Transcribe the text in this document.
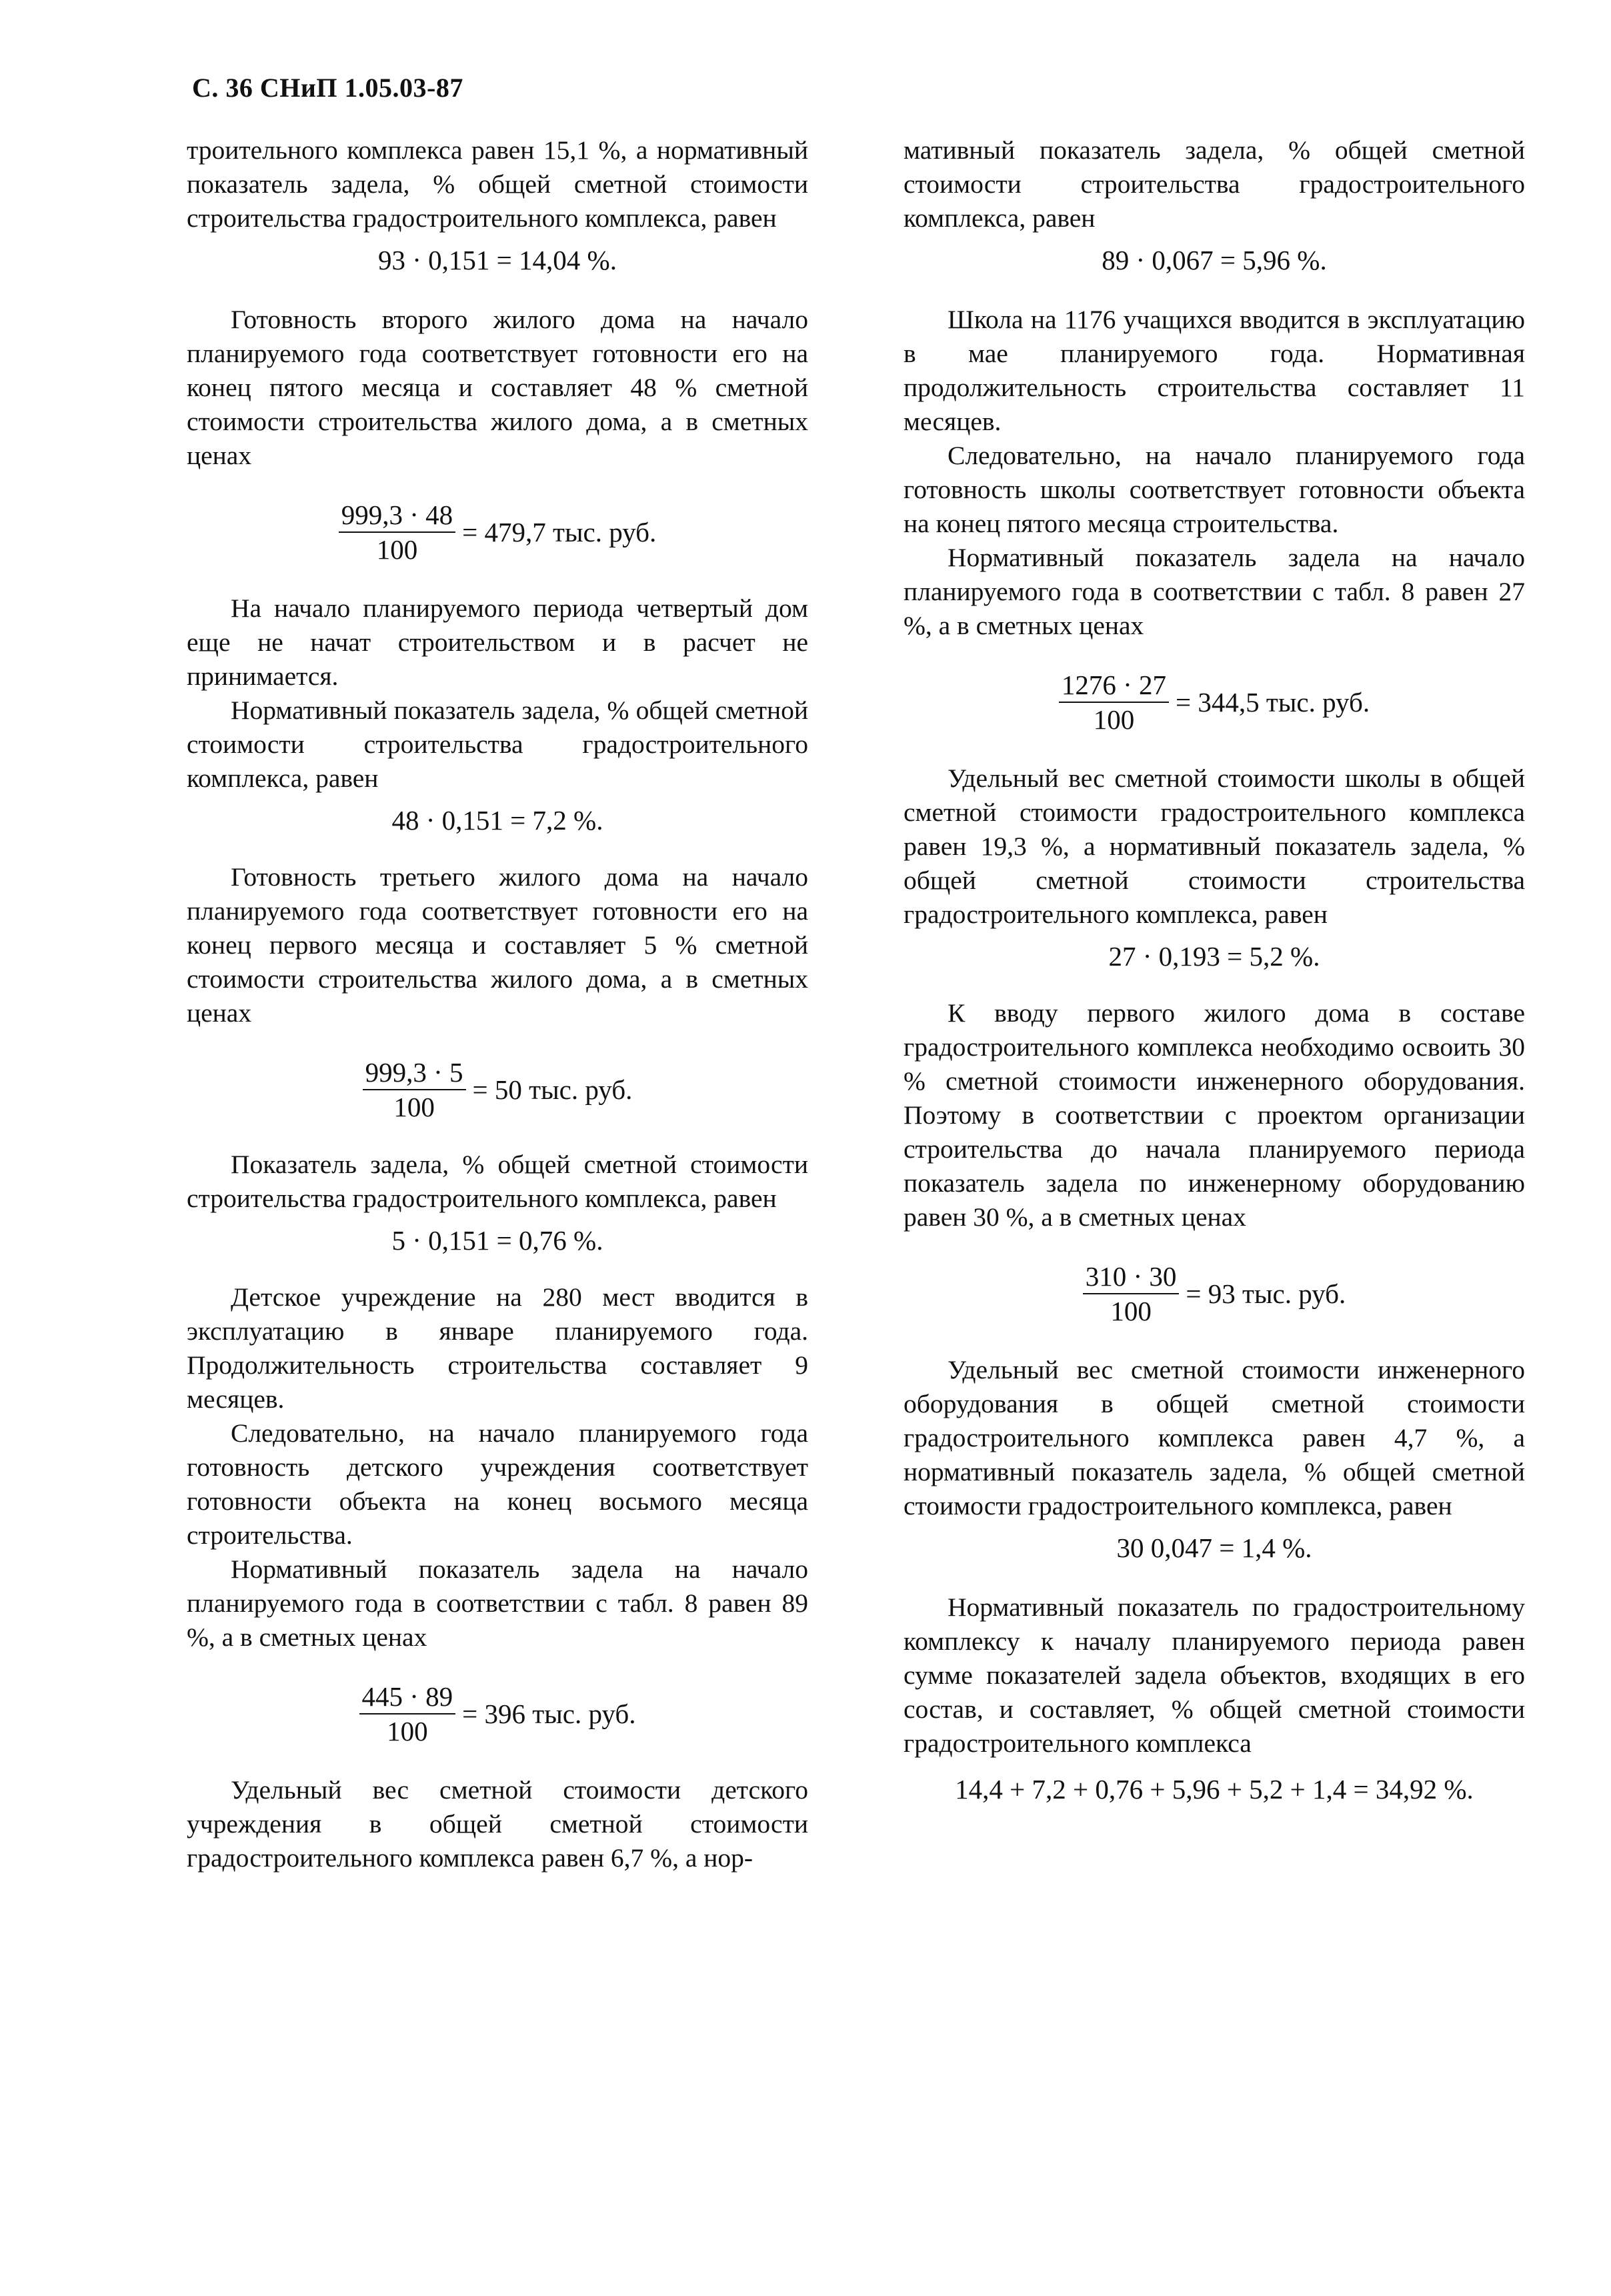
С. 36 СНиП 1.05.03-87

троительного комплекса равен 15,1 %, а нормативный показатель задела, % общей сметной стоимости строительства градостроительного комплекса, равен

93 · 0,151 = 14,04 %.

Готовность второго жилого дома на начало планируемого года соответствует готовности его на конец пятого месяца и составляет 48 % сметной стоимости строительства жилого дома, а в сметных ценах

$\frac{999,3 \cdot 48}{100} = 479,7$ тыс. руб.

На начало планируемого периода четвертый дом еще не начат строительством и в расчет не принимается.

Нормативный показатель задела, % общей сметной стоимости строительства градостроительного комплекса, равен

48 · 0,151 = 7,2 %.

Готовность третьего жилого дома на начало планируемого года соответствует готовности его на конец первого месяца и составляет 5 % сметной стоимости строительства жилого дома, а в сметных ценах

$\frac{999,3 \cdot 5}{100} = 50$ тыс. руб.

Показатель задела, % общей сметной стоимости строительства градостроительного комплекса, равен

5 · 0,151 = 0,76 %.

Детское учреждение на 280 мест вводится в эксплуатацию в январе планируемого года. Продолжительность строительства составляет 9 месяцев.

Следовательно, на начало планируемого года готовность детского учреждения соответствует готовности объекта на конец восьмого месяца строительства.

Нормативный показатель задела на начало планируемого года в соответствии с табл. 8 равен 89 %, а в сметных ценах

$\frac{445 \cdot 89}{100} = 396$ тыс. руб.

Удельный вес сметной стоимости детского учреждения в общей сметной стоимости градостроительного комплекса равен 6,7 %, а нор-

мативный показатель задела, % общей сметной стоимости строительства градостроительного комплекса, равен

89 · 0,067 = 5,96 %.

Школа на 1176 учащихся вводится в эксплуатацию в мае планируемого года. Нормативная продолжительность строительства составляет 11 месяцев.

Следовательно, на начало планируемого года готовность школы соответствует готовности объекта на конец пятого месяца строительства.

Нормативный показатель задела на начало планируемого года в соответствии с табл. 8 равен 27 %, а в сметных ценах

$\frac{1276 \cdot 27}{100} = 344,5$ тыс. руб.

Удельный вес сметной стоимости школы в общей сметной стоимости градостроительного комплекса равен 19,3 %, а нормативный показатель задела, % общей сметной стоимости строительства градостроительного комплекса, равен

27 · 0,193 = 5,2 %.

К вводу первого жилого дома в составе градостроительного комплекса необходимо освоить 30 % сметной стоимости инженерного оборудования. Поэтому в соответствии с проектом организации строительства до начала планируемого периода показатель задела по инженерному оборудованию равен 30 %, а в сметных ценах

$\frac{310 \cdot 30}{100} = 93$ тыс. руб.

Удельный вес сметной стоимости инженерного оборудования в общей сметной стоимости градостроительного комплекса равен 4,7 %, а нормативный показатель задела, % общей сметной стоимости градостроительного комплекса, равен

30 0,047 = 1,4 %.

Нормативный показатель по градостроительному комплексу к началу планируемого периода равен сумме показателей задела объектов, входящих в его состав, и составляет, % общей сметной стоимости градостроительного комплекса

14,4 + 7,2 + 0,76 + 5,96 + 5,2 + 1,4 = 34,92 %.
